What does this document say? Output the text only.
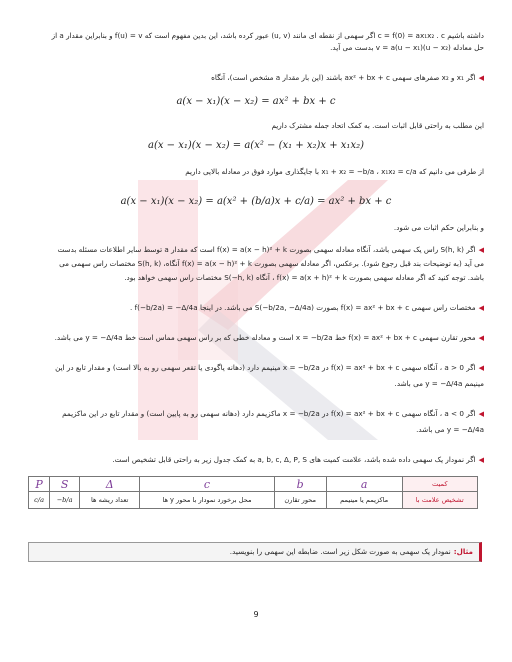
داشته باشیم c = f(0) = ax₁x₂ . c اگر سهمی از نقطه ای مانند (u, v) عبور کرده باشد، این بدین مفهوم است که f(u) = v و بنابراین مقدار a از
حل معادله v = a(u − x₁)(u − x₂) بدست می آید.
◀اگر x₁ و x₂ صفرهای سهمی ax² + bx + c باشند (این بار مقدار a مشخص است)، آنگاه
a(x − x₁)(x − x₂) = ax² + bx + c
این مطلب به راحتی قابل اثبات است. به کمک اتحاد جمله مشترک داریم
a(x − x₁)(x − x₂) = a(x² − (x₁ + x₂)x + x₁x₂)
از طرفی می دانیم که x₁ + x₂ = −b/a ، x₁x₂ = c/a با جایگذاری موارد فوق در معادله بالایی داریم
a(x − x₁)(x − x₂) = a(x² + (b/a)x + c/a) = ax² + bx + c
و بنابراین حکم اثبات می شود.
◀اگر S(h, k) راس یک سهمی باشد، آنگاه معادله سهمی بصورت f(x) = a(x − h)² + k است که مقدار a توسط سایر اطلاعات مسئله بدست
می آید (به توضیحات بند قبل رجوع شود). برعکس، اگر معادله سهمی بصورت f(x) = a(x − h)² + k آنگاه، S(h, k) مختصات راس سهمی می
باشد. توجه کنید که اگر معادله سهمی بصورت f(x) = a(x + h)² + k ، آنگاه S(−h, k) مختصات راس سهمی خواهد بود.
◀مختصات راس سهمی f(x) = ax² + bx + c بصورت S(−b/2a, −Δ/4a) می باشد. در اینجا f(−b/2a) = −Δ/4a .
◀محور تقارن سهمی f(x) = ax² + bx + c خط x = −b/2a است و معادله خطی که بر راس سهمی مماس است خط y = −Δ/4a می باشد.
◀اگر a > 0 ، آنگاه سهمی f(x) = ax² + bx + c در x = −b/2a مینیمم دارد (دهانه یاگودی یا تقعر سهمی رو به بالا است) و مقدار تابع در این
مینیمم y = −Δ/4a می باشد.
◀اگر a < 0 ، آنگاه سهمی f(x) = ax² + bx + c در x = −b/2a ماکزیمم دارد (دهانه سهمی رو به پایین است) و مقدار تابع در این ماکزیمم
y = −Δ/4a می باشد.
◀اگر نمودار یک سهمی داده شده باشد، علامت کمیت های a, b, c, Δ, P, S به کمک جدول زیر به راحتی قابل تشخیص است.
کمیت	a	b	c	Δ	S	P
تشخیص علامت با	ماکزیمم یا مینیمم	محور تقارن	محل برخورد نمودار با محور y ها	تعداد ریشه ها	−b/a	c/a
مثال:نمودار یک سهمی به صورت شکل زیر است. ضابطه این سهمی را بنویسید.
9
